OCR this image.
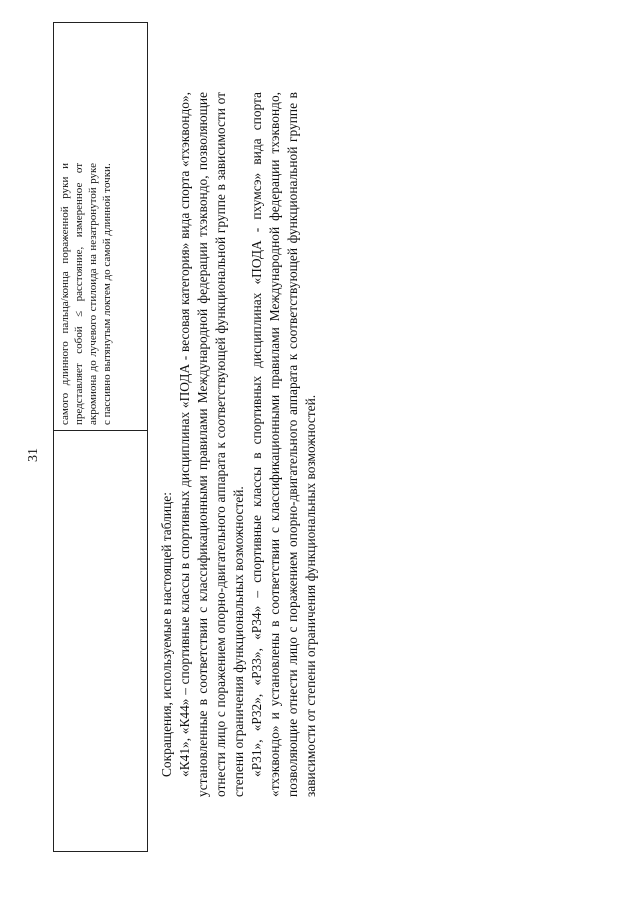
31
самого длинного пальца/конца пораженной руки и представляет собой ≤ расстояние, измеренное от акромиона до лучевого стилоида на незатронутой руке с пассивно вытянутым локтем до самой длинной точки.

Сокращения, используемые в настоящей таблице: «К41», «К44» – спортивные классы в спортивных дисциплинах «ПОДА - весовая категория» вида спорта «тхэквондо», установленные в соответствии с классификационными правилами Международной федерации тхэквондо, позволяющие отнести лицо с поражением опорно-двигательного аппарата к соответствующей функциональной группе в зависимости от степени ограничения функциональных возможностей. «Р31», «Р32», «Р33», «Р34» – спортивные классы в спортивных дисциплинах «ПОДА - пхумсэ» вида спорта «тхэквондо» и установлены в соответствии с классификационными правилами Международной федерации тхэквондо, позволяющие отнести лицо с поражением опорно-двигательного аппарата к соответствующей функциональной группе в зависимости от степени ограничения функциональных возможностей.
